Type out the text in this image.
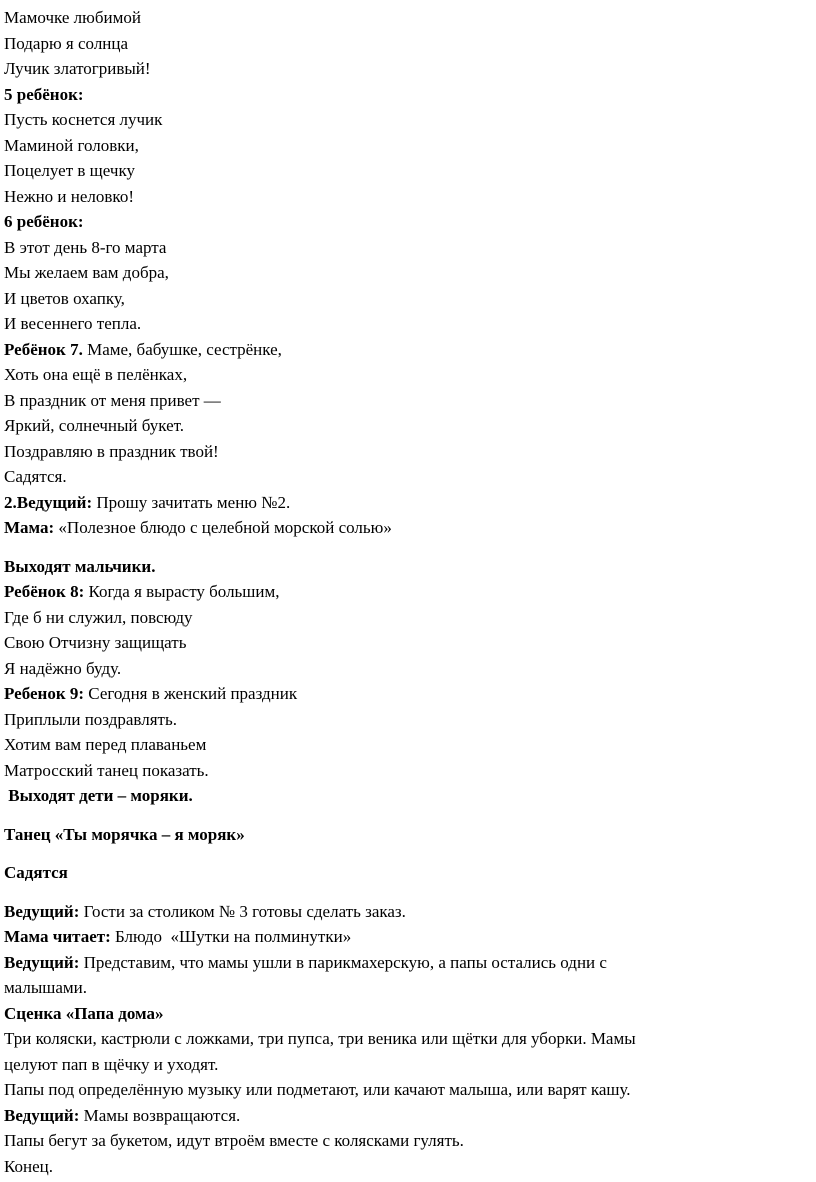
Мамочке любимой
Подарю я солнца
Лучик златогривый!
5 ребёнок:
Пусть коснется лучик
Маминой головки,
Поцелует в щечку
Нежно и неловко!
6 ребёнок:
В этот день 8-го марта
Мы желаем вам добра,
И цветов охапку,
И весеннего тепла.
Ребёнок 7. Маме, бабушке, сестрёнке,
Хоть она ещё в пелёнках,
В праздник от меня привет —
Яркий, солнечный букет.
Поздравляю в праздник твой!
Садятся.
2.Ведущий: Прошу зачитать меню №2.
Мама: «Полезное блюдо с целебной морской солью»
Выходят мальчики.
Ребёнок 8: Когда я вырасту большим,
Где б ни служил, повсюду
Свою Отчизну защищать
Я надёжно буду.
Ребенок 9: Сегодня в женский праздник
Приплыли поздравлять.
Хотим вам перед плаваньем
Матросский танец показать.
Выходят дети – моряки.
Танец «Ты морячка – я моряк»
Садятся
Ведущий: Гости за столиком № 3 готовы сделать заказ.
Мама читает: Блюдо  «Шутки на полминутки»
Ведущий: Представим, что мамы ушли в парикмахерскую, а папы остались одни с
малышами.
Сценка «Папа дома»
Три коляски, кастрюли с ложками, три пупса, три веника или щётки для уборки. Мамы
целуют пап в щёчку и уходят.
Папы под определённую музыку или подметают, или качают малыша, или варят кашу.
Ведущий: Мамы возвращаются.
Папы бегут за букетом, идут втроём вместе с колясками гулять.
Конец.
